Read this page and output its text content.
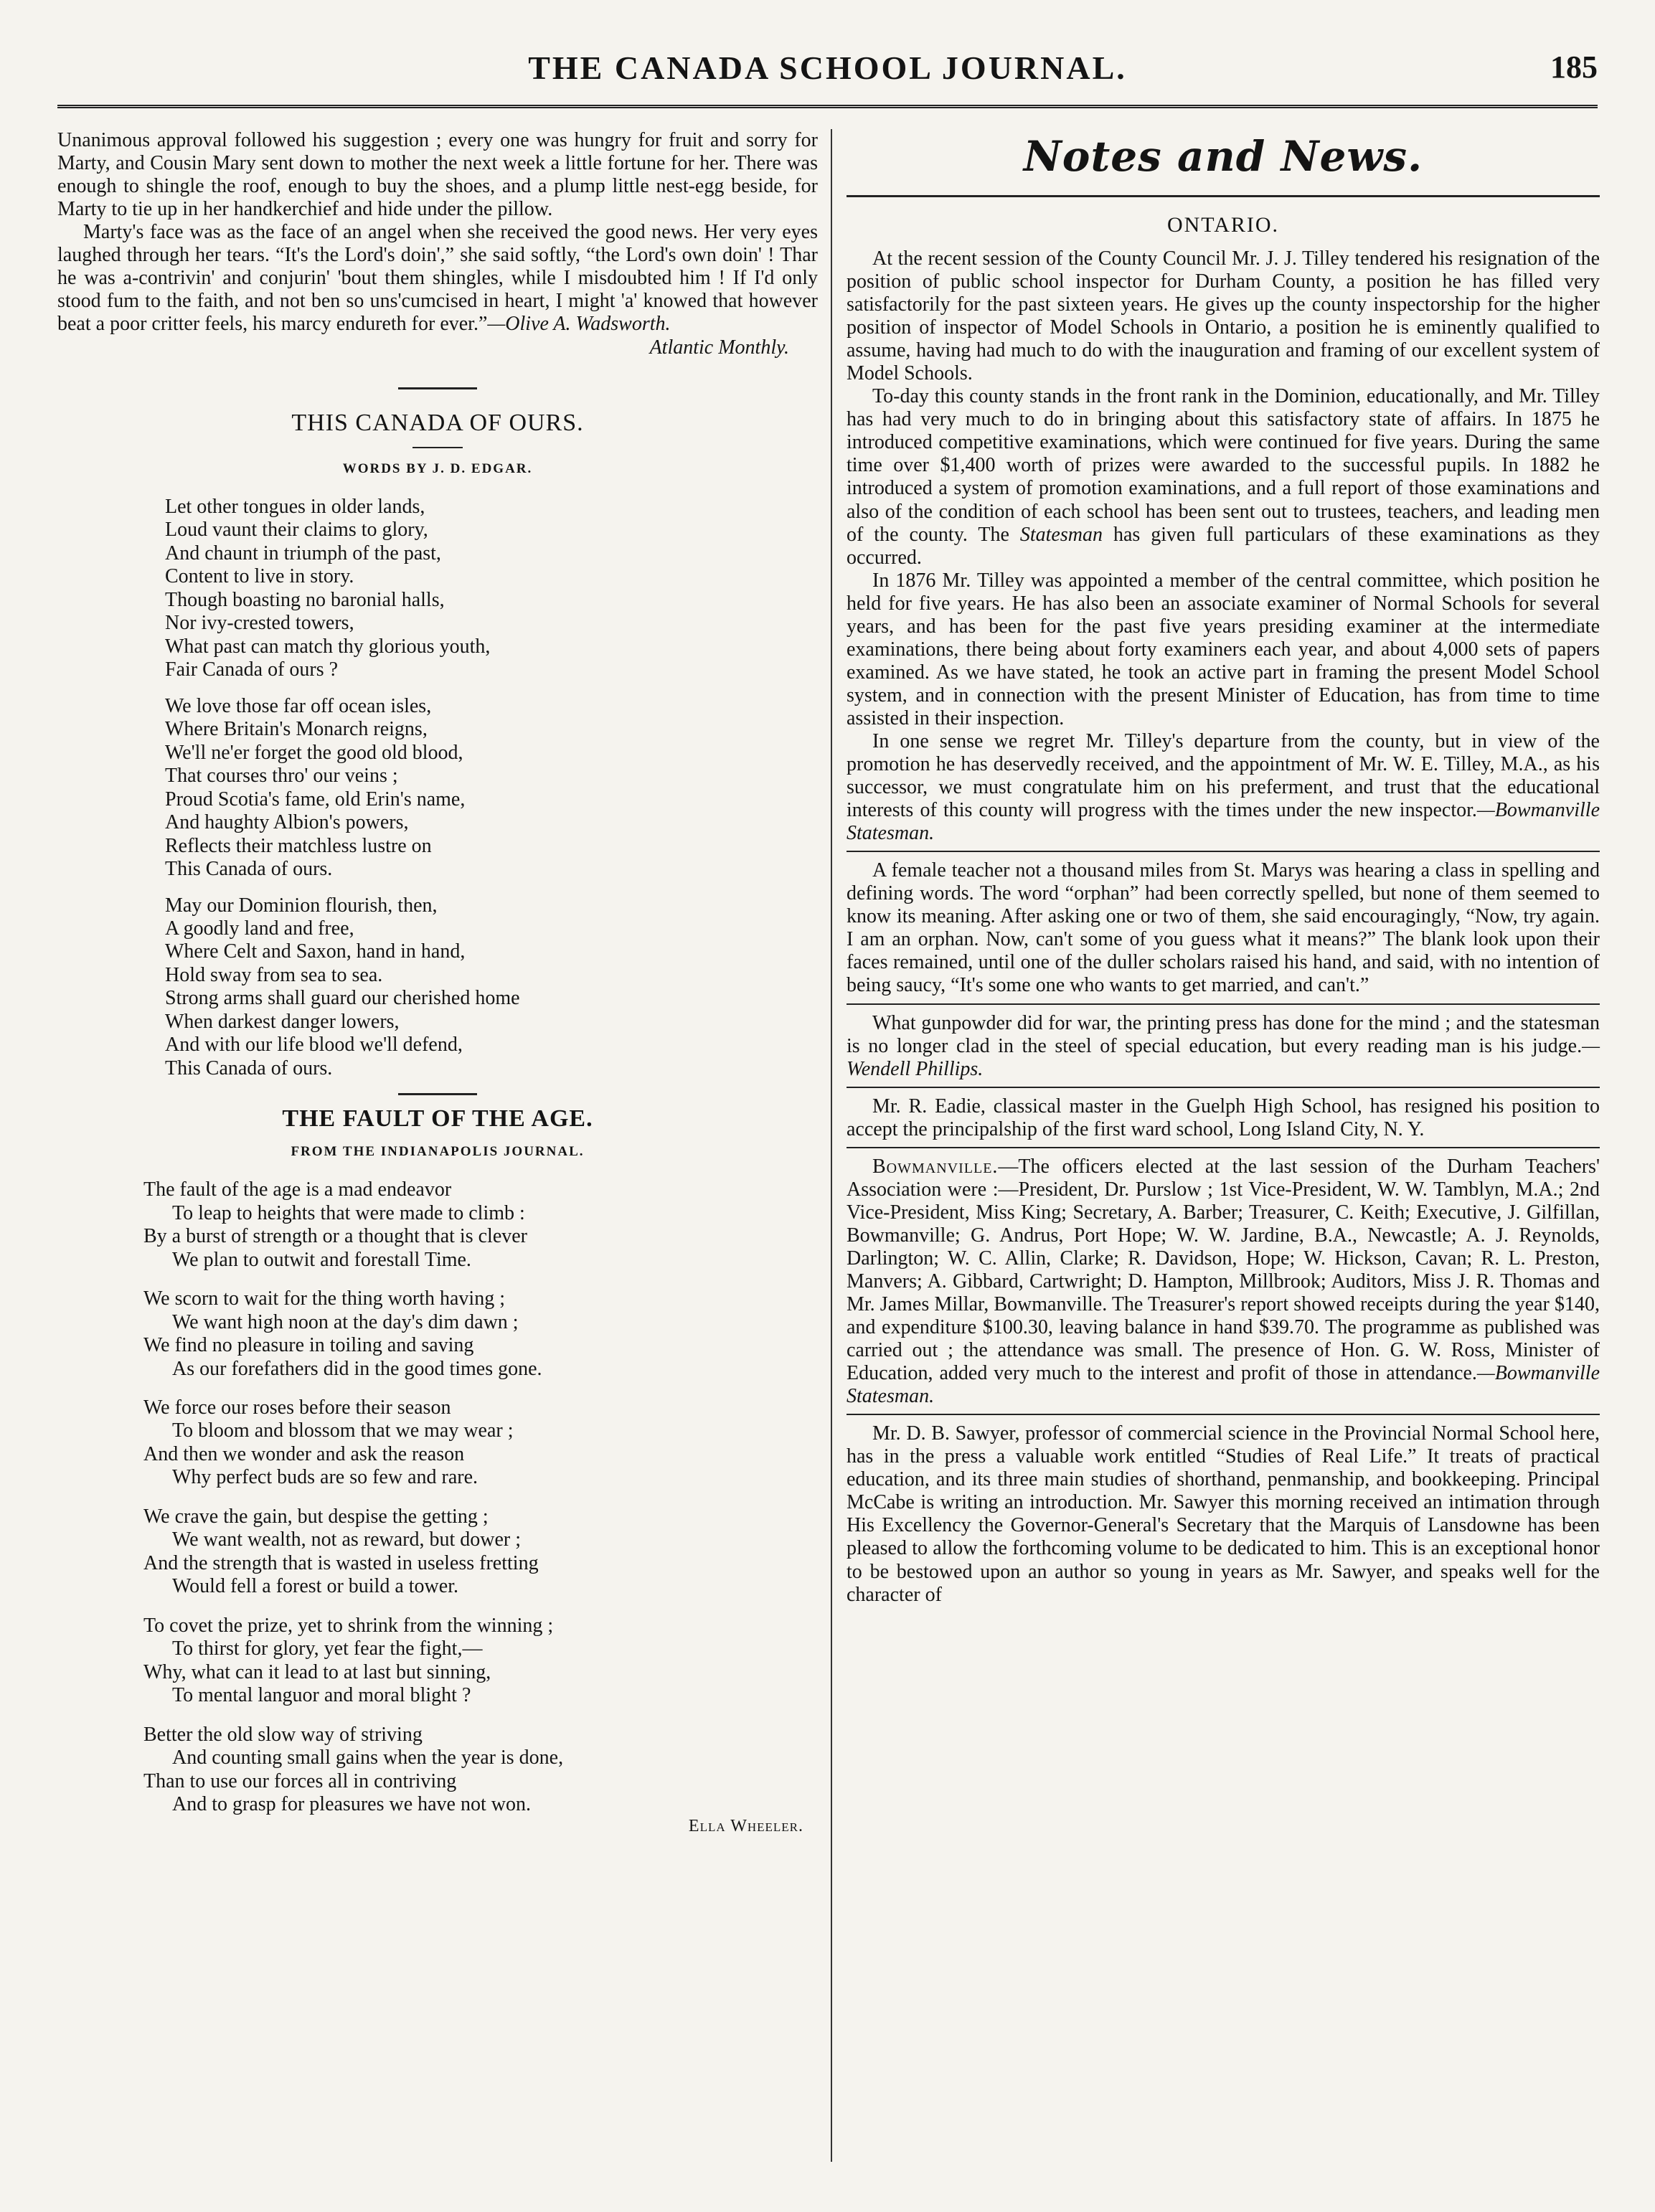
THE CANADA SCHOOL JOURNAL.	185

Unanimous approval followed his suggestion ; every one was hungry for fruit and sorry for Marty, and Cousin Mary sent down to mother the next week a little fortune for her. There was enough to shingle the roof, enough to buy the shoes, and a plump little nest-egg beside, for Marty to tie up in her handkerchief and hide under the pillow.

Marty's face was as the face of an angel when she received the good news. Her very eyes laughed through her tears. “It's the Lord's doin',” she said softly, “the Lord's own doin' ! Thar he was a-contrivin' and conjurin' 'bout them shingles, while I misdoubted him ! If I'd only stood fum to the faith, and not ben so uns'cumcised in heart, I might 'a' knowed that however beat a poor critter feels, his marcy endureth for ever.”—Olive A. Wadsworth.

Atlantic Monthly.
THIS CANADA OF OURS.
WORDS BY J. D. EDGAR.
Let other tongues in older lands,
Loud vaunt their claims to glory,
And chaunt in triumph of the past,
Content to live in story.
Though boasting no baronial halls,
Nor ivy-crested towers,
What past can match thy glorious youth,
Fair Canada of ours ?
We love those far off ocean isles,
Where Britain's Monarch reigns,
We'll ne'er forget the good old blood,
That courses thro' our veins ;
Proud Scotia's fame, old Erin's name,
And haughty Albion's powers,
Reflects their matchless lustre on
This Canada of ours.
May our Dominion flourish, then,
A goodly land and free,
Where Celt and Saxon, hand in hand,
Hold sway from sea to sea.
Strong arms shall guard our cherished home
When darkest danger lowers,
And with our life blood we'll defend,
This Canada of ours.
THE FAULT OF THE AGE.
FROM THE INDIANAPOLIS JOURNAL.
The fault of the age is a mad endeavor
To leap to heights that were made to climb :
By a burst of strength or a thought that is clever
We plan to outwit and forestall Time.
We scorn to wait for the thing worth having ;
We want high noon at the day's dim dawn ;
We find no pleasure in toiling and saving
As our forefathers did in the good times gone.
We force our roses before their season
To bloom and blossom that we may wear ;
And then we wonder and ask the reason
Why perfect buds are so few and rare.
We crave the gain, but despise the getting ;
We want wealth, not as reward, but dower ;
And the strength that is wasted in useless fretting
Would fell a forest or build a tower.
To covet the prize, yet to shrink from the winning ;
To thirst for glory, yet fear the fight,—
Why, what can it lead to at last but sinning,
To mental languor and moral blight ?
Better the old slow way of striving
And counting small gains when the year is done,
Than to use our forces all in contriving
And to grasp for pleasures we have not won.
Ella Wheeler.
Notes and News.
ONTARIO.

At the recent session of the County Council Mr. J. J. Tilley tendered his resignation of the position of public school inspector for Durham County, a position he has filled very satisfactorily for the past sixteen years. He gives up the county inspectorship for the higher position of inspector of Model Schools in Ontario, a position he is eminently qualified to assume, having had much to do with the inauguration and framing of our excellent system of Model Schools.

To-day this county stands in the front rank in the Dominion, educationally, and Mr. Tilley has had very much to do in bringing about this satisfactory state of affairs. In 1875 he introduced competitive examinations, which were continued for five years. During the same time over $1,400 worth of prizes were awarded to the successful pupils. In 1882 he introduced a system of promotion examinations, and a full report of those examinations and also of the condition of each school has been sent out to trustees, teachers, and leading men of the county. The Statesman has given full particulars of these examinations as they occurred.

In 1876 Mr. Tilley was appointed a member of the central committee, which position he held for five years. He has also been an associate examiner of Normal Schools for several years, and has been for the past five years presiding examiner at the intermediate examinations, there being about forty examiners each year, and about 4,000 sets of papers examined. As we have stated, he took an active part in framing the present Model School system, and in connection with the present Minister of Education, has from time to time assisted in their inspection.

In one sense we regret Mr. Tilley's departure from the county, but in view of the promotion he has deservedly received, and the appointment of Mr. W. E. Tilley, M.A., as his successor, we must congratulate him on his preferment, and trust that the educational interests of this county will progress with the times under the new inspector.—Bowmanville Statesman.

A female teacher not a thousand miles from St. Marys was hearing a class in spelling and defining words. The word “orphan” had been correctly spelled, but none of them seemed to know its meaning. After asking one or two of them, she said encouragingly, “Now, try again. I am an orphan. Now, can't some of you guess what it means?” The blank look upon their faces remained, until one of the duller scholars raised his hand, and said, with no intention of being saucy, “It's some one who wants to get married, and can't.”

What gunpowder did for war, the printing press has done for the mind ; and the statesman is no longer clad in the steel of special education, but every reading man is his judge.—Wendell Phillips.

Mr. R. Eadie, classical master in the Guelph High School, has resigned his position to accept the principalship of the first ward school, Long Island City, N. Y.

Bowmanville.—The officers elected at the last session of the Durham Teachers' Association were :—President, Dr. Purslow ; 1st Vice-President, W. W. Tamblyn, M.A.; 2nd Vice-President, Miss King; Secretary, A. Barber; Treasurer, C. Keith; Executive, J. Gilfillan, Bowmanville; G. Andrus, Port Hope; W. W. Jardine, B.A., Newcastle; A. J. Reynolds, Darlington; W. C. Allin, Clarke; R. Davidson, Hope; W. Hickson, Cavan; R. L. Preston, Manvers; A. Gibbard, Cartwright; D. Hampton, Millbrook; Auditors, Miss J. R. Thomas and Mr. James Millar, Bowmanville. The Treasurer's report showed receipts during the year $140, and expenditure $100.30, leaving balance in hand $39.70. The programme as published was carried out ; the attendance was small. The presence of Hon. G. W. Ross, Minister of Education, added very much to the interest and profit of those in attendance.—Bowmanville Statesman.

Mr. D. B. Sawyer, professor of commercial science in the Provincial Normal School here, has in the press a valuable work entitled “Studies of Real Life.” It treats of practical education, and its three main studies of shorthand, penmanship, and bookkeeping. Principal McCabe is writing an introduction. Mr. Sawyer this morning received an intimation through His Excellency the Governor-General's Secretary that the Marquis of Lansdowne has been pleased to allow the forthcoming volume to be dedicated to him. This is an exceptional honor to be bestowed upon an author so young in years as Mr. Sawyer, and speaks well for the character of
